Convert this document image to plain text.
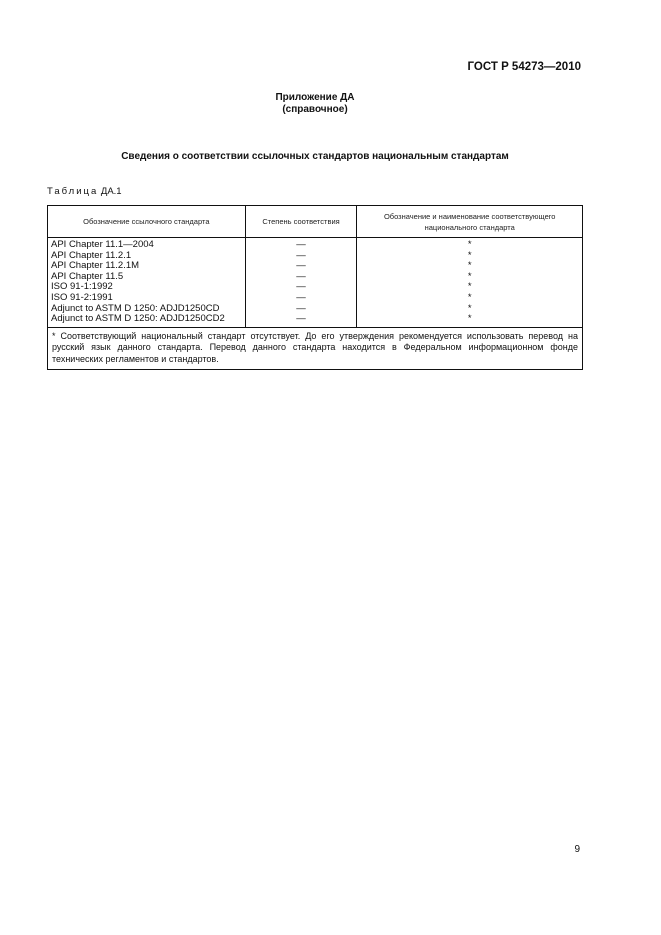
ГОСТ Р 54273—2010
Приложение ДА
(справочное)
Сведения о соответствии ссылочных стандартов национальным стандартам
Таблица ДА.1
Обозначение ссылочного стандарта	Степень соответствия	Обозначение и наименование соответствующего национального стандарта
API Chapter 11.1—2004	—	*
API Chapter 11.2.1	—	*
API Chapter 11.2.1M	—	*
API Chapter 11.5	—	*
ISO 91-1:1992	—	*
ISO 91-2:1991	—	*
Adjunct to ASTM D 1250: ADJD1250CD	—	*
Adjunct to ASTM D 1250: ADJD1250CD2	—	*
* Соответствующий национальный стандарт отсутствует. До его утверждения рекомендуется использовать перевод на русский язык данного стандарта. Перевод данного стандарта находится в Федеральном информационном фонде технических регламентов и стандартов.		
9
